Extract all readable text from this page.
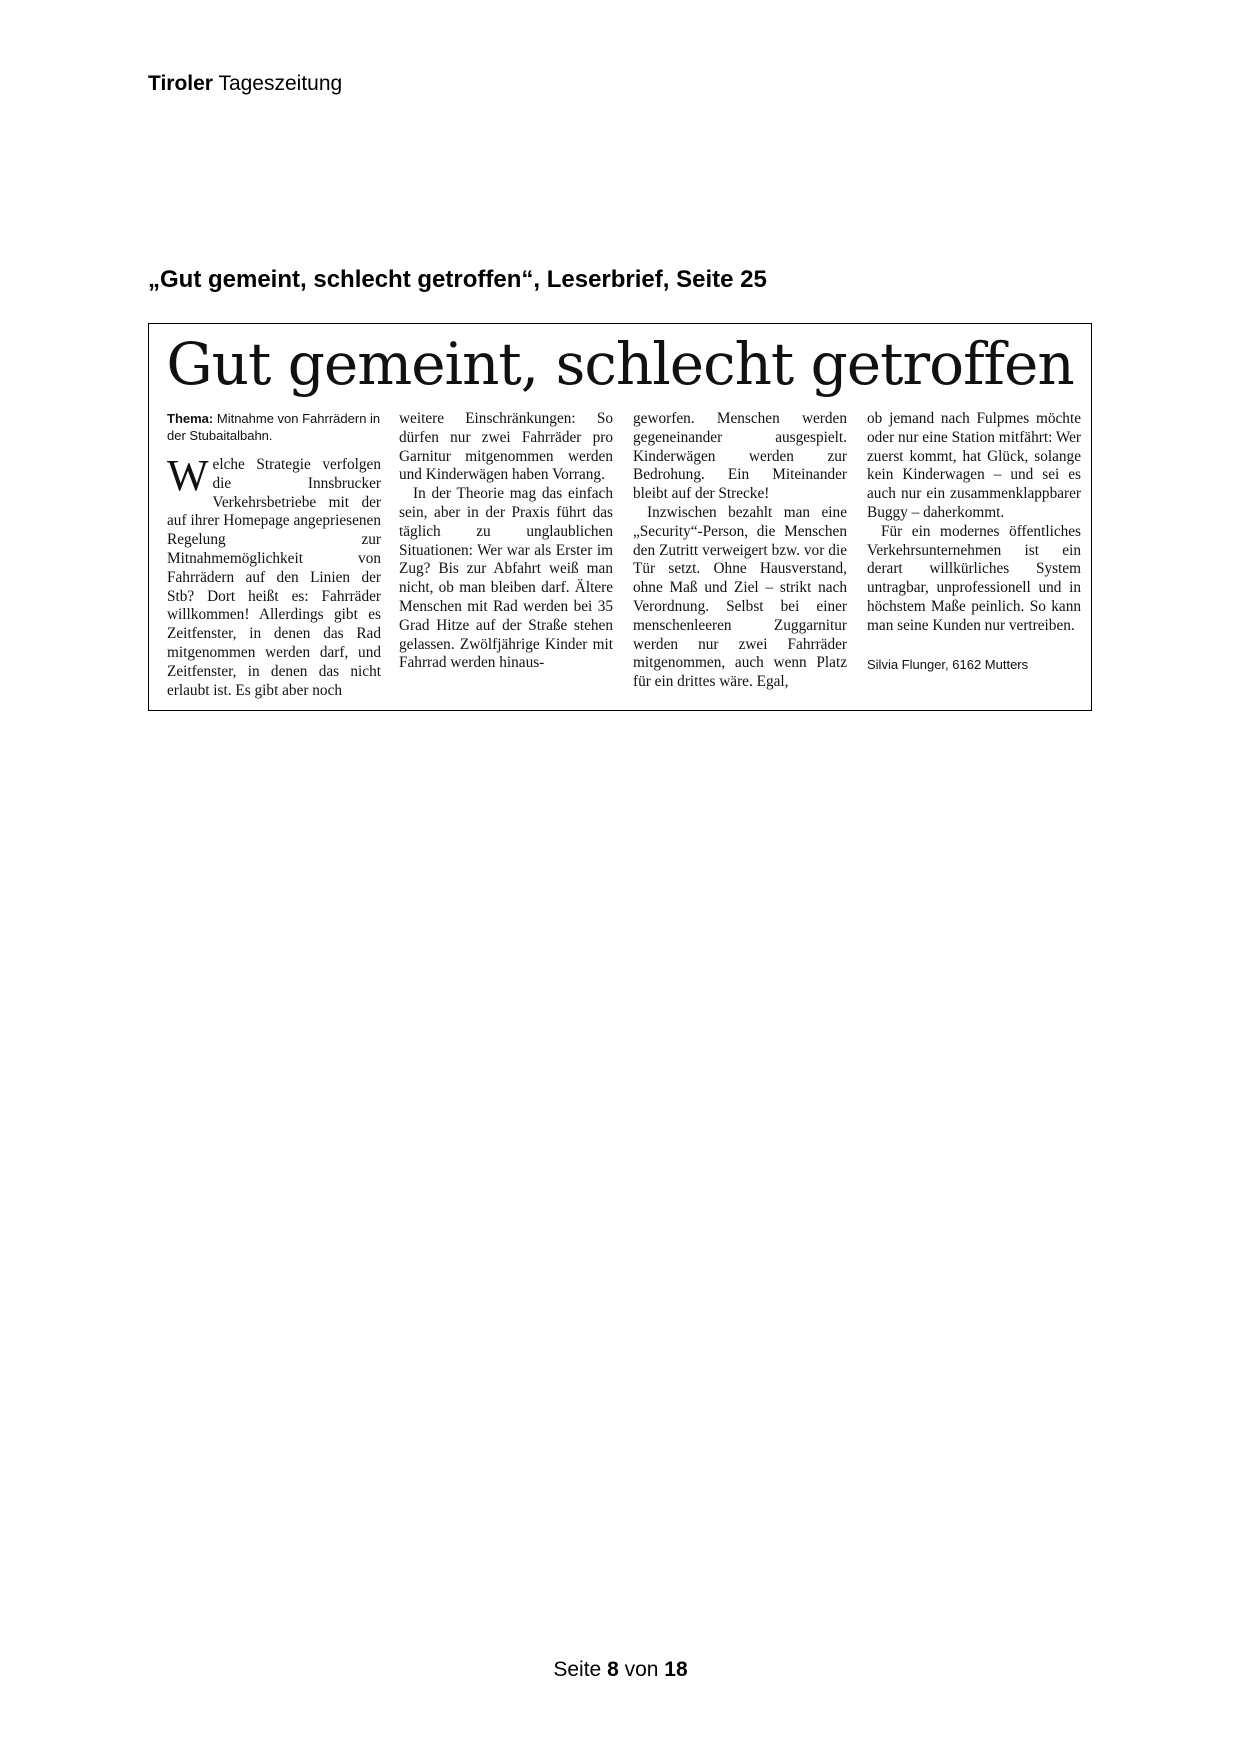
Tiroler Tageszeitung
„Gut gemeint, schlecht getroffen“, Leserbrief, Seite 25
Gut gemeint, schlecht getroffen

Thema: Mitnahme von Fahrrädern in der Stubaitalbahn.

Welche Strategie verfolgen die Innsbrucker Verkehrsbetriebe mit der auf ihrer Homepage angepriesenen Regelung zur Mitnahmemöglichkeit von Fahrrädern auf den Linien der Stb? Dort heißt es: Fahrräder willkommen! Allerdings gibt es Zeitfenster, in denen das Rad mitgenommen werden darf, und Zeitfenster, in denen das nicht erlaubt ist. Es gibt aber noch

weitere Einschränkungen: So dürfen nur zwei Fahrräder pro Garnitur mitgenommen werden und Kinderwägen haben Vorrang.

In der Theorie mag das einfach sein, aber in der Praxis führt das täglich zu unglaublichen Situationen: Wer war als Erster im Zug? Bis zur Abfahrt weiß man nicht, ob man bleiben darf. Ältere Menschen mit Rad werden bei 35 Grad Hitze auf der Straße stehen gelassen. Zwölfjährige Kinder mit Fahrrad werden hinaus-

geworfen. Menschen werden gegeneinander ausgespielt. Kinderwägen werden zur Bedrohung. Ein Miteinander bleibt auf der Strecke!

Inzwischen bezahlt man eine „Security“-Person, die Menschen den Zutritt verweigert bzw. vor die Tür setzt. Ohne Hausverstand, ohne Maß und Ziel – strikt nach Verordnung. Selbst bei einer menschenleeren Zuggarnitur werden nur zwei Fahrräder mitgenommen, auch wenn Platz für ein drittes wäre. Egal,

ob jemand nach Fulpmes möchte oder nur eine Station mitfährt: Wer zuerst kommt, hat Glück, solange kein Kinderwagen – und sei es auch nur ein zusammenklappbarer Buggy – daherkommt.

Für ein modernes öffentliches Verkehrsunternehmen ist ein derart willkürliches System untragbar, unprofessionell und in höchstem Maße peinlich. So kann man seine Kunden nur vertreiben.

Silvia Flunger, 6162 Mutters

Seite 8 von 18
